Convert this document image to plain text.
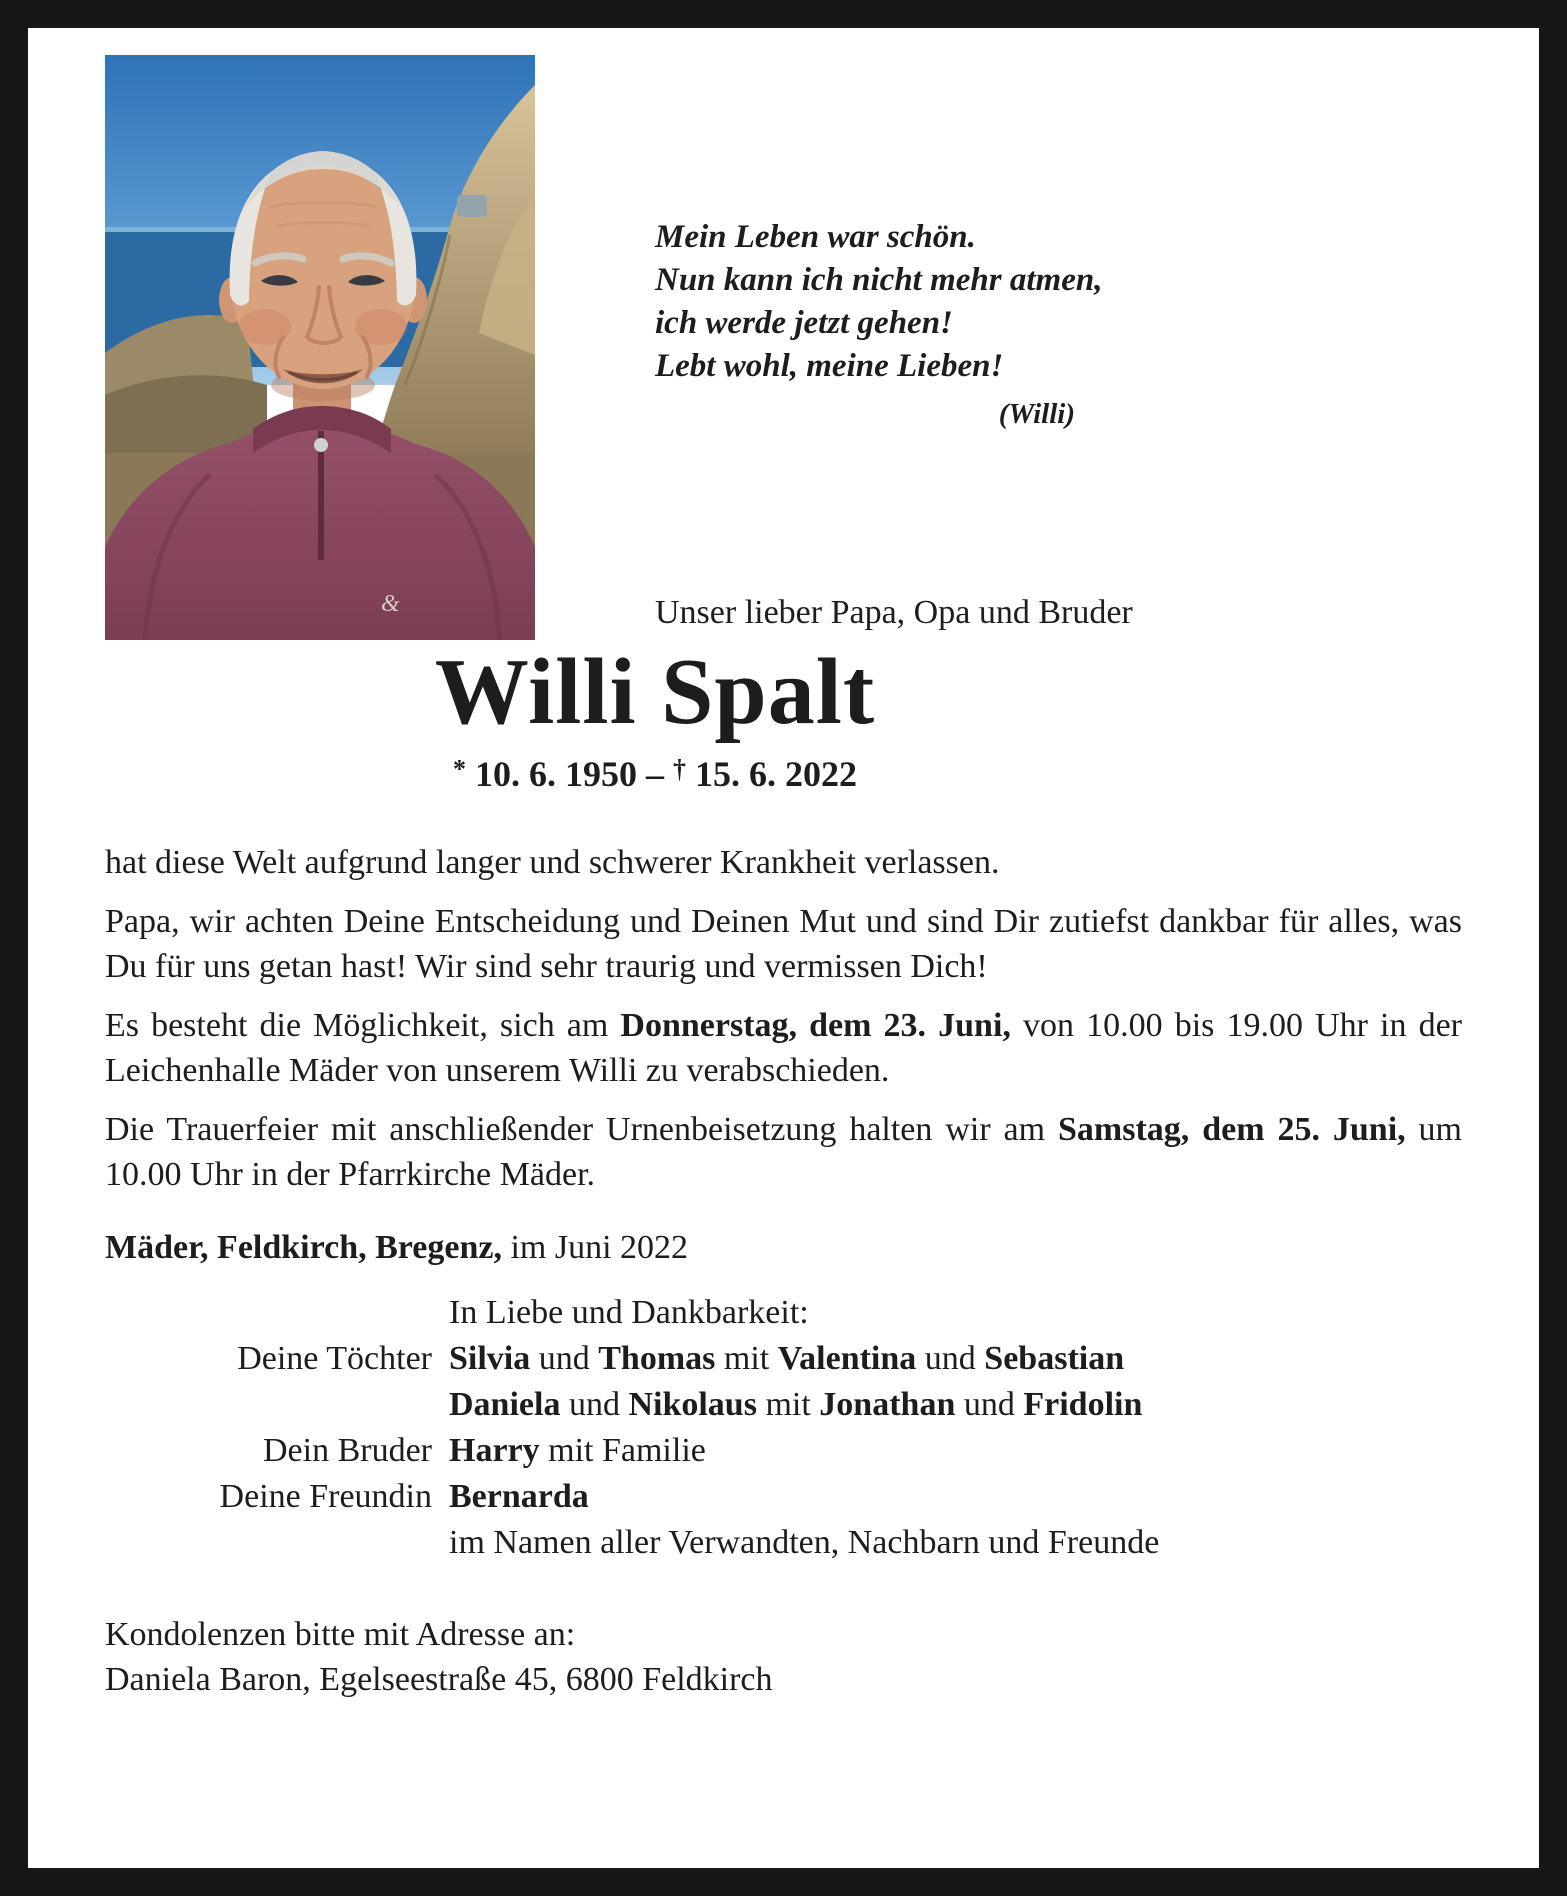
&
Mein Leben war schön.
Nun kann ich nicht mehr atmen,
ich werde jetzt gehen!
Lebt wohl, meine Lieben!
(Willi)
Unser lieber Papa, Opa und Bruder
Willi Spalt
* 10. 6. 1950 – † 15. 6. 2022

hat diese Welt aufgrund langer und schwerer Krankheit verlassen.

Papa, wir achten Deine Entscheidung und Deinen Mut und sind Dir zutiefst dankbar für alles, was Du für uns getan hast! Wir sind sehr traurig und vermissen Dich!

Es besteht die Möglichkeit, sich am Donnerstag, dem 23. Juni, von 10.00 bis 19.00 Uhr in der Leichenhalle Mäder von unserem Willi zu verabschieden.

Die Trauerfeier mit anschließender Urnenbeisetzung halten wir am Samstag, dem 25. Juni, um 10.00 Uhr in der Pfarrkirche Mäder.

Mäder, Feldkirch, Bregenz, im Juni 2022

In Liebe und Dankbarkeit:
Deine Töchter Silvia und Thomas mit Valentina und Sebastian
Daniela und Nikolaus mit Jonathan und Fridolin
Dein Bruder Harry mit Familie
Deine Freundin Bernarda
im Namen aller Verwandten, Nachbarn und Freunde
Kondolenzen bitte mit Adresse an:
Daniela Baron, Egelseestraße 45, 6800 Feldkirch
